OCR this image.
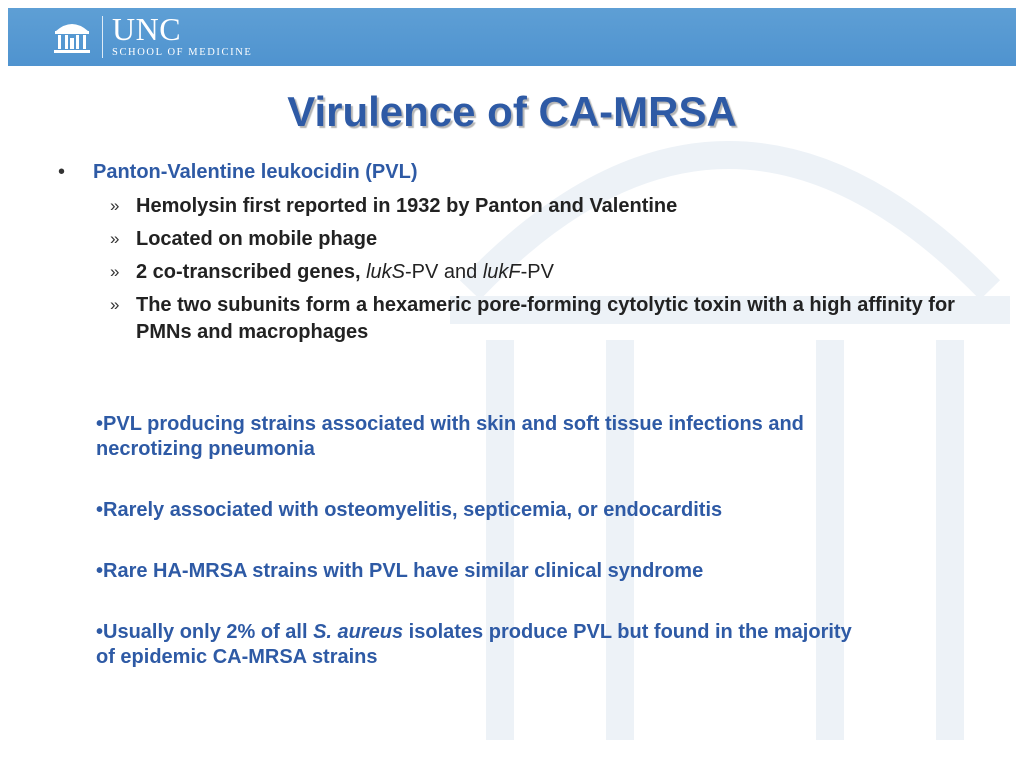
UNC
SCHOOL OF MEDICINE
Virulence of CA-MRSA
• Panton-Valentine leukocidin (PVL)
» Hemolysin first reported in 1932 by Panton and Valentine
» Located on mobile phage
» 2 co-transcribed genes, lukS-PV and lukF-PV
» The two subunits form a hexameric pore-forming cytolytic toxin with a high affinity for PMNs and macrophages
•PVL producing strains associated with skin and soft tissue infections and necrotizing pneumonia
•Rarely associated with osteomyelitis, septicemia, or endocarditis
•Rare HA-MRSA strains with PVL have similar clinical syndrome
•Usually only 2% of all S. aureus isolates produce PVL but found in the majority of epidemic CA-MRSA strains
